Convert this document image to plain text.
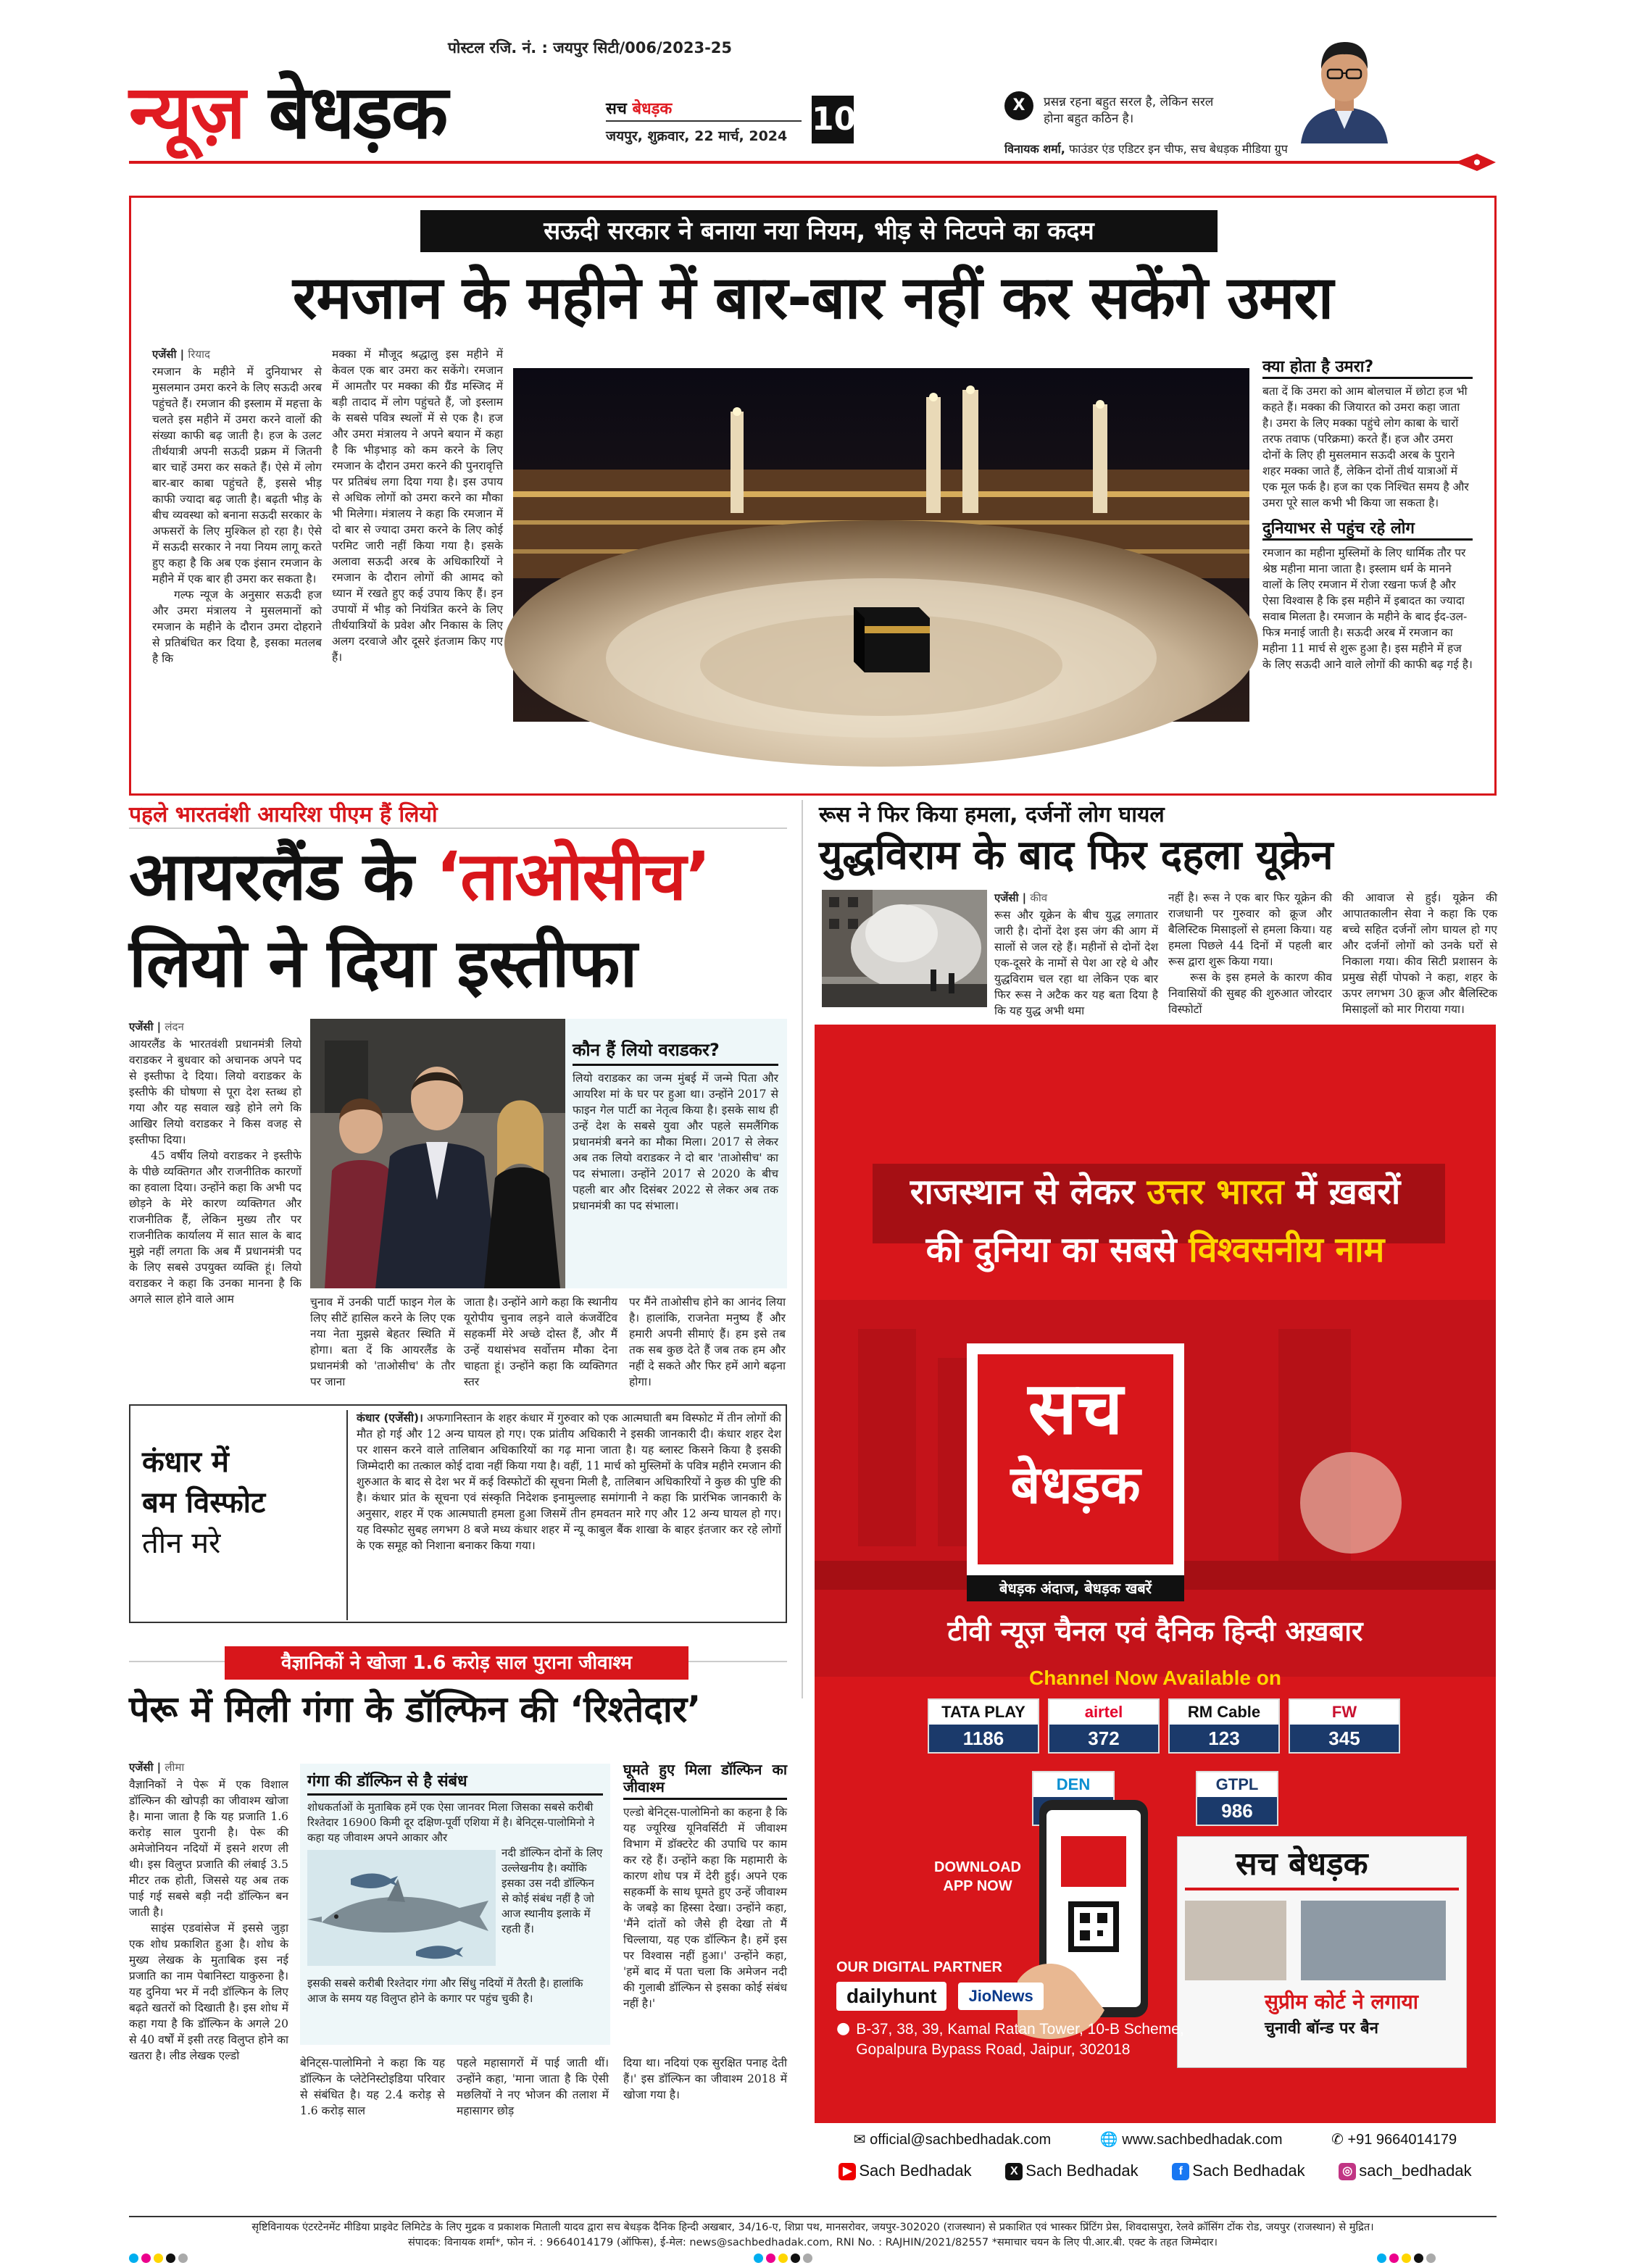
पोस्टल रजि. नं. : जयपुर सिटी/006/2023-25
न्यूज़ बेधड़क	सच बेधड़क
जयपुर, शुक्रवार, 22 मार्च, 2024 10	X	प्रसन्न रहना बहुत सरल है, लेकिन सरल
होना बहुत कठिन है।
विनायक शर्मा, फाउंडर एंड एडिटर इन चीफ, सच बेधड़क मीडिया ग्रुप
सऊदी सरकार ने बनाया नया नियम, भीड़ से निटपने का कदम
रमजान के महीने में बार-बार नहीं कर सकेंगे उमरा
एजेंसी | रियाद

रमजान के महीने में दुनियाभर से मुसलमान उमरा करने के लिए सऊदी अरब पहुंचते हैं। रमजान की इस्लाम में महत्ता के चलते इस महीने में उमरा करने वालों की संख्या काफी बढ़ जाती है। हज के उलट तीर्थयात्री अपनी सऊदी प्रक्रम में जितनी बार चाहें उमरा कर सकते हैं। ऐसे में लोग बार-बार काबा पहुंचते हैं, इससे भीड़ काफी ज्यादा बढ़ जाती है। बढ़ती भीड़ के बीच व्यवस्था को बनाना सऊदी सरकार के अफसरों के लिए मुश्किल हो रहा है। ऐसे में सऊदी सरकार ने नया नियम लागू करते हुए कहा है कि अब एक इंसान रमजान के महीने में एक बार ही उमरा कर सकता है।

गल्फ न्यूज के अनुसार सऊदी हज और उमरा मंत्रालय ने मुसलमानों को रमजान के महीने के दौरान उमरा दोहराने से प्रतिबंधित कर दिया है, इसका मतलब है कि

मक्का में मौजूद श्रद्धालु इस महीने में केवल एक बार उमरा कर सकेंगे। रमजान में आमतौर पर मक्का की ग्रैंड मस्जिद में बड़ी तादाद में लोग पहुंचते हैं, जो इस्लाम के सबसे पवित्र स्थलों में से एक है। हज और उमरा मंत्रालय ने अपने बयान में कहा है कि भीड़भाड़ को कम करने के लिए रमजान के दौरान उमरा करने की पुनरावृत्ति पर प्रतिबंध लगा दिया गया है। इस उपाय से अधिक लोगों को उमरा करने का मौका भी मिलेगा। मंत्रालय ने कहा कि रमजान में दो बार से ज्यादा उमरा करने के लिए कोई परमिट जारी नहीं किया गया है। इसके अलावा सऊदी अरब के अधिकारियों ने रमजान के दौरान लोगों की आमद को ध्यान में रखते हुए कई उपाय किए हैं। इन उपायों में भीड़ को नियंत्रित करने के लिए तीर्थयात्रियों के प्रवेश और निकास के लिए अलग दरवाजे और दूसरे इंतजाम किए गए हैं।

क्या होता है उमरा?
बता दें कि उमरा को आम बोलचाल में छोटा हज भी कहते हैं। मक्का की जियारत को उमरा कहा जाता है। उमरा के लिए मक्का पहुंचे लोग काबा के चारों तरफ तवाफ (परिक्रमा) करते हैं। हज और उमरा दोनों के लिए ही मुसलमान सऊदी अरब के पुराने शहर मक्का जाते हैं, लेकिन दोनों तीर्थ यात्राओं में एक मूल फर्क है। हज का एक निश्चित समय है और उमरा पूरे साल कभी भी किया जा सकता है।
दुनियाभर से पहुंच रहे लोग
रमजान का महीना मुस्लिमों के लिए धार्मिक तौर पर श्रेष्ठ महीना माना जाता है। इस्लाम धर्म के मानने वालों के लिए रमजान में रोजा रखना फर्ज है और ऐसा विश्वास है कि इस महीने में इबादत का ज्यादा सवाब मिलता है। रमजान के महीने के बाद ईद-उल-फित्र मनाई जाती है। सऊदी अरब में रमजान का महीना 11 मार्च से शुरू हुआ है। इस महीने में हज के लिए सऊदी आने वाले लोगों की काफी बढ़ गई है।
पहले भारतवंशी आयरिश पीएम हैं लियो
आयरलैंड के ‘ताओसीच’
लियो ने दिया इस्तीफा
एजेंसी | लंदन

आयरलैंड के भारतवंशी प्रधानमंत्री लियो वराडकर ने बुधवार को अचानक अपने पद से इस्तीफा दे दिया। लियो वराडकर के इस्तीफे की घोषणा से पूरा देश स्तब्ध हो गया और यह सवाल खड़े होने लगे कि आखिर लियो वराडकर ने किस वजह से इस्तीफा दिया।

45 वर्षीय लियो वराडकर ने इस्तीफे के पीछे व्यक्तिगत और राजनीतिक कारणों का हवाला दिया। उन्होंने कहा कि अभी पद छोड़ने के मेरे कारण व्यक्तिगत और राजनीतिक हैं, लेकिन मुख्य तौर पर राजनीतिक कार्यालय में सात साल के बाद मुझे नहीं लगता कि अब मैं प्रधानमंत्री पद के लिए सबसे उपयुक्त व्यक्ति हूं। लियो वराडकर ने कहा कि उनका मानना है कि अगले साल होने वाले आम

कौन हैं लियो वराडकर?
लियो वराडकर का जन्म मुंबई में जन्मे पिता और आयरिश मां के घर पर हुआ था। उन्होंने 2017 से फाइन गेल पार्टी का नेतृत्व किया है। इसके साथ ही उन्हें देश के सबसे युवा और पहले समलैंगिक प्रधानमंत्री बनने का मौका मिला। 2017 से लेकर अब तक लियो वराडकर ने दो बार 'ताओसीच' का पद संभाला। उन्होंने 2017 से 2020 के बीच पहली बार और दिसंबर 2022 से लेकर अब तक प्रधानमंत्री का पद संभाला।

चुनाव में उनकी पार्टी फाइन गेल के लिए सीटें हासिल करने के लिए एक नया नेता मुझसे बेहतर स्थिति में होगा। बता दें कि आयरलैंड के प्रधानमंत्री को 'ताओसीच' के तौर पर जाना

जाता है। उन्होंने आगे कहा कि स्थानीय यूरोपीय चुनाव लड़ने वाले कंजर्वेटिव सहकर्मी मेरे अच्छे दोस्त हैं, और मैं उन्हें यथासंभव सर्वोत्तम मौका देना चाहता हूं। उन्होंने कहा कि व्यक्तिगत स्तर

पर मैंने ताओसीच होने का आनंद लिया है। हालांकि, राजनेता मनुष्य हैं और हमारी अपनी सीमाएं हैं। हम इसे तब तक सब कुछ देते हैं जब तक हम और नहीं दे सकते और फिर हमें आगे बढ़ना होगा।

रूस ने फिर किया हमला, दर्जनों लोग घायल
युद्धविराम के बाद फिर दहला यूक्रेन
एजेंसी | कीव

रूस और यूक्रेन के बीच युद्ध लगातार जारी है। दोनों देश इस जंग की आग में सालों से जल रहे हैं। महीनों से दोनों देश एक-दूसरे के नामों से पेश आ रहे थे और युद्धविराम चल रहा था लेकिन एक बार फिर रूस ने अटैक कर यह बता दिया है कि यह युद्ध अभी थमा

नहीं है। रूस ने एक बार फिर यूक्रेन की राजधानी पर गुरुवार को क्रूज और बैलिस्टिक मिसाइलों से हमला किया। यह हमला पिछले 44 दिनों में पहली बार रूस द्वारा शुरू किया गया।

रूस के इस हमले के कारण कीव निवासियों की सुबह की शुरुआत जोरदार विस्फोटों

की आवाज से हुई। यूक्रेन की आपातकालीन सेवा ने कहा कि एक बच्चे सहित दर्जनों लोग घायल हो गए और दर्जनों लोगों को उनके घरों से निकाला गया। कीव सिटी प्रशासन के प्रमुख सेर्ही पोपको ने कहा, शहर के ऊपर लगभग 30 क्रूज और बैलिस्टिक मिसाइलों को मार गिराया गया।

कंधार में
बम विस्फोट
तीन मरे
कंधार (एजेंसी)। अफगानिस्तान के शहर कंधार में गुरुवार को एक आत्मघाती बम विस्फोट में तीन लोगों की मौत हो गई और 12 अन्य घायल हो गए। एक प्रांतीय अधिकारी ने इसकी जानकारी दी। कंधार शहर देश पर शासन करने वाले तालिबान अधिकारियों का गढ़ माना जाता है। यह ब्लास्ट किसने किया है इसकी जिम्मेदारी का तत्काल कोई दावा नहीं किया गया है। वहीं, 11 मार्च को मुस्लिमों के पवित्र महीने रमजान की शुरुआत के बाद से देश भर में कई विस्फोटों की सूचना मिली है, तालिबान अधिकारियों ने कुछ की पुष्टि की है। कंधार प्रांत के सूचना एवं संस्कृति निदेशक इनामुल्लाह समांगानी ने कहा कि प्रारंभिक जानकारी के अनुसार, शहर में एक आत्मघाती हमला हुआ जिसमें तीन हमवतन मारे गए और 12 अन्य घायल हो गए। यह विस्फोट सुबह लगभग 8 बजे मध्य कंधार शहर में न्यू काबुल बैंक शाखा के बाहर इंतजार कर रहे लोगों के एक समूह को निशाना बनाकर किया गया।
वैज्ञानिकों ने खोजा 1.6 करोड़ साल पुराना जीवाश्म
पेरू में मिली गंगा के डॉल्फिन की ‘रिश्तेदार’
एजेंसी | लीमा

वैज्ञानिकों ने पेरू में एक विशाल डॉल्फिन की खोपड़ी का जीवाश्म खोजा है। माना जाता है कि यह प्रजाति 1.6 करोड़ साल पुरानी है। पेरू की अमेजोनियन नदियों में इसने शरण ली थी। इस विलुप्त प्रजाति की लंबाई 3.5 मीटर तक होती, जिससे यह अब तक पाई गई सबसे बड़ी नदी डॉल्फिन बन जाती है।

साइंस एडवांसेज में इससे जुड़ा एक शोध प्रकाशित हुआ है। शोध के मुख्य लेखक के मुताबिक इस नई प्रजाति का नाम पेबानिस्टा याकुरुना है। यह दुनिया भर में नदी डॉल्फिन के लिए बढ़ते खतरों को दिखाती है। इस शोध में कहा गया है कि डॉल्फिन के अगले 20 से 40 वर्षों में इसी तरह विलुप्त होने का खतरा है। लीड लेखक एल्डो

गंगा की डॉल्फिन से है संबंध
शोधकर्ताओं के मुताबिक हमें एक ऐसा जानवर मिला जिसका सबसे करीबी रिश्तेदार 16900 किमी दूर दक्षिण-पूर्वी एशिया में है। बेनिट्स-पालोमिनो ने कहा यह जीवाश्म अपने आकार और
नदी डॉल्फिन दोनों के लिए उल्लेखनीय है। क्योंकि इसका उस नदी डॉल्फिन से कोई संबंध नहीं है जो आज स्थानीय इलाके में रहती हैं।
इसकी सबसे करीबी रिश्तेदार गंगा और सिंधु नदियों में तैरती है। हालांकि आज के समय यह विलुप्त होने के कगार पर पहुंच चुकी है।
घूमते हुए मिला डॉल्फिन का जीवाश्म

एल्डो बेनिट्स-पालोमिनो का कहना है कि यह ज्यूरिख यूनिवर्सिटी में जीवाश्म विभाग में डॉक्टरेट की उपाधि पर काम कर रहे हैं। उन्होंने कहा कि महामारी के कारण शोध पत्र में देरी हुई। अपने एक सहकर्मी के साथ घूमते हुए उन्हें जीवाश्म के जबड़े का हिस्सा देखा। उन्होंने कहा, 'मैंने दांतों को जैसे ही देखा तो मैं चिल्लाया, यह एक डॉल्फिन है। हमें इस पर विश्वास नहीं हुआ।' उन्होंने कहा, 'हमें बाद में पता चला कि अमेजन नदी की गुलाबी डॉल्फिन से इसका कोई संबंध नहीं है।'

बेनिट्स-पालोमिनो ने कहा कि यह डॉल्फिन के प्लेटेनिस्टोइडिया परिवार से संबंधित है। यह 2.4 करोड़ से 1.6 करोड़ साल

पहले महासागरों में पाई जाती थीं। उन्होंने कहा, 'माना जाता है कि ऐसी मछलियों ने नए भोजन की तलाश में महासागर छोड़

दिया था। नदियां एक सुरक्षित पनाह देती हैं।' इस डॉल्फिन का जीवाश्म 2018 में खोजा गया है।

राजस्थान से लेकर उत्तर भारत में ख़बरों
की दुनिया का सबसे विश्वसनीय नाम
सच
बेधड़क
बेधड़क अंदाज, बेधड़क खबरें
टीवी न्यूज़ चैनल एवं दैनिक हिन्दी अख़बार
Channel Now Available on
TATA PLAY
1186
airtel
372
RM Cable
123
FW
345
DEN	GTPL
986
DOWNLOAD
APP NOW
सच बेधड़क
सुप्रीम कोर्ट ने लगाया
चुनावी बॉन्ड पर बैन
OUR DIGITAL PARTNER
dailyhunt	JioNews
● B-37, 38, 39, Kamal Ratan Tower, 10-B Scheme, Gopalpura Bypass Road, Jaipur, 302018
✉ official@sachbedhadak.com	🌐 www.sachbedhadak.com	✆ +91 9664014179
▶ Sach Bedhadak	X Sach Bedhadak	f Sach Bedhadak	◎ sach_bedhadak
सृष्टिविनायक एंटरटेनमेंट मीडिया प्राइवेट लिमिटेड के लिए मुद्रक व प्रकाशक मिताली यादव द्वारा सच बेधड़क दैनिक हिन्दी अखबार, 34/16-ए, शिप्रा पथ, मानसरोवर, जयपुर-302020 (राजस्थान) से प्रकाशित एवं भास्कर प्रिंटिंग प्रेस, शिवदासपुरा, रेलवे क्रॉसिंग टोंक रोड, जयपुर (राजस्थान) से मुद्रित।
संपादक: विनायक शर्मा*, फोन नं. : 9664014179 (ऑफिस), ई-मेल: news@sachbedhadak.com, RNI No. : RAJHIN/2021/82557 *समाचार चयन के लिए पी.आर.बी. एक्ट के तहत जिम्मेदार।
